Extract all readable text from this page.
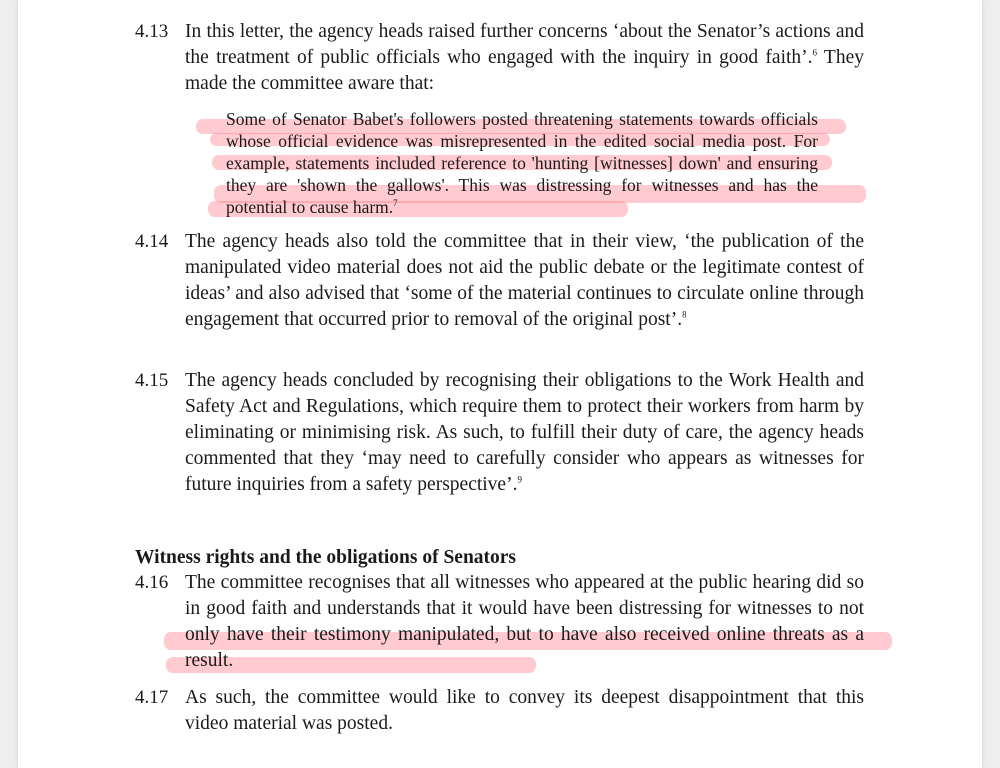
4.13 In this letter, the agency heads raised further concerns ‘about the Senator’s actions and the treatment of public officials who engaged with the inquiry in good faith’.$^6$ They made the committee aware that:
Some of Senator Babet's followers posted threatening statements towards officials whose official evidence was misrepresented in the edited social media post. For example, statements included reference to 'hunting [witnesses] down' and ensuring they are 'shown the gallows'. This was distressing for witnesses and has the potential to cause harm.$^7$
4.14 The agency heads also told the committee that in their view, ‘the publication of the manipulated video material does not aid the public debate or the legitimate contest of ideas’ and also advised that ‘some of the material continues to circulate online through engagement that occurred prior to removal of the original post’.$^8$
4.15 The agency heads concluded by recognising their obligations to the Work Health and Safety Act and Regulations, which require them to protect their workers from harm by eliminating or minimising risk. As such, to fulfill their duty of care, the agency heads commented that they ‘may need to carefully consider who appears as witnesses for future inquiries from a safety perspective’.$^9$
Witness rights and the obligations of Senators
4.16 The committee recognises that all witnesses who appeared at the public hearing did so in good faith and understands that it would have been distressing for witnesses to not only have their testimony manipulated, but to have also received online threats as a result.
4.17 As such, the committee would like to convey its deepest disappointment that this video material was posted.
